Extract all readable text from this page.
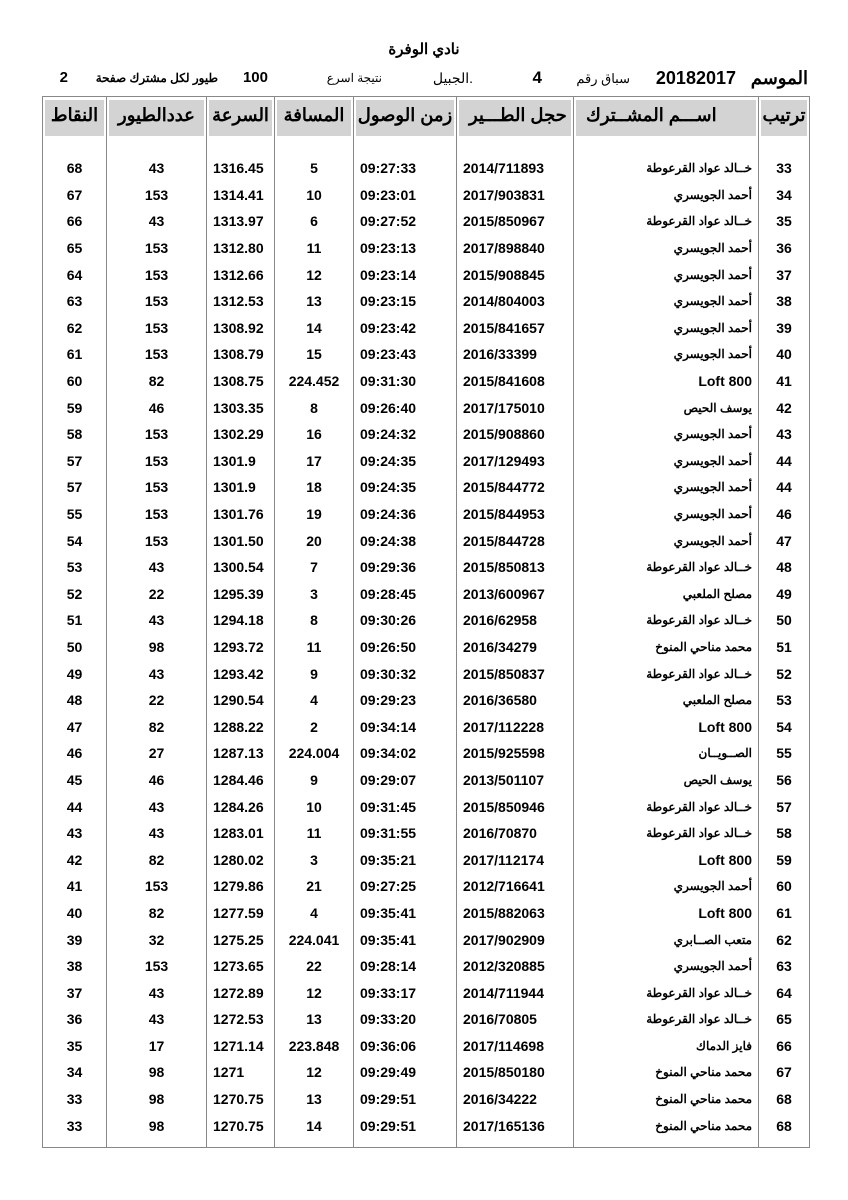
نادي الوفرة
الموسم
20182017
سباق رقم
4
الجبيل.
نتيجة اسرع
100
طيور لكل مشترك صفحة
2
ترتيب	اســـم المشــترك	حجل الطـــير	زمن الوصول	المسافة	السرعة	عددالطيور	النقاط

33	خــالد عواد القرعوطة	2014/711893	09:27:33	5	1316.45	43	68
34	أحمد الجويسري	2017/903831	09:23:01	10	1314.41	153	67
35	خــالد عواد القرعوطة	2015/850967	09:27:52	6	1313.97	43	66
36	أحمد الجويسري	2017/898840	09:23:13	11	1312.80	153	65
37	أحمد الجويسري	2015/908845	09:23:14	12	1312.66	153	64
38	أحمد الجويسري	2014/804003	09:23:15	13	1312.53	153	63
39	أحمد الجويسري	2015/841657	09:23:42	14	1308.92	153	62
40	أحمد الجويسري	2016/33399	09:23:43	15	1308.79	153	61
41	Loft 800	2015/841608	09:31:30	224.452	1308.75	82	60
42	يوسف الحيص	2017/175010	09:26:40	8	1303.35	46	59
43	أحمد الجويسري	2015/908860	09:24:32	16	1302.29	153	58
44	أحمد الجويسري	2017/129493	09:24:35	17	1301.9	153	57
44	أحمد الجويسري	2015/844772	09:24:35	18	1301.9	153	57
46	أحمد الجويسري	2015/844953	09:24:36	19	1301.76	153	55
47	أحمد الجويسري	2015/844728	09:24:38	20	1301.50	153	54
48	خــالد عواد القرعوطة	2015/850813	09:29:36	7	1300.54	43	53
49	مصلح الملعبي	2013/600967	09:28:45	3	1295.39	22	52
50	خــالد عواد القرعوطة	2016/62958	09:30:26	8	1294.18	43	51
51	محمد مناحي المنوخ	2016/34279	09:26:50	11	1293.72	98	50
52	خــالد عواد القرعوطة	2015/850837	09:30:32	9	1293.42	43	49
53	مصلح الملعبي	2016/36580	09:29:23	4	1290.54	22	48
54	Loft 800	2017/112228	09:34:14	2	1288.22	82	47
55	الصــويــان	2015/925598	09:34:02	224.004	1287.13	27	46
56	يوسف الحيص	2013/501107	09:29:07	9	1284.46	46	45
57	خــالد عواد القرعوطة	2015/850946	09:31:45	10	1284.26	43	44
58	خــالد عواد القرعوطة	2016/70870	09:31:55	11	1283.01	43	43
59	Loft 800	2017/112174	09:35:21	3	1280.02	82	42
60	أحمد الجويسري	2012/716641	09:27:25	21	1279.86	153	41
61	Loft 800	2015/882063	09:35:41	4	1277.59	82	40
62	متعب الصــابري	2017/902909	09:35:41	224.041	1275.25	32	39
63	أحمد الجويسري	2012/320885	09:28:14	22	1273.65	153	38
64	خــالد عواد القرعوطة	2014/711944	09:33:17	12	1272.89	43	37
65	خــالد عواد القرعوطة	2016/70805	09:33:20	13	1272.53	43	36
66	فايز الدماك	2017/114698	09:36:06	223.848	1271.14	17	35
67	محمد مناحي المنوخ	2015/850180	09:29:49	12	1271	98	34
68	محمد مناحي المنوخ	2016/34222	09:29:51	13	1270.75	98	33
68	محمد مناحي المنوخ	2017/165136	09:29:51	14	1270.75	98	33
